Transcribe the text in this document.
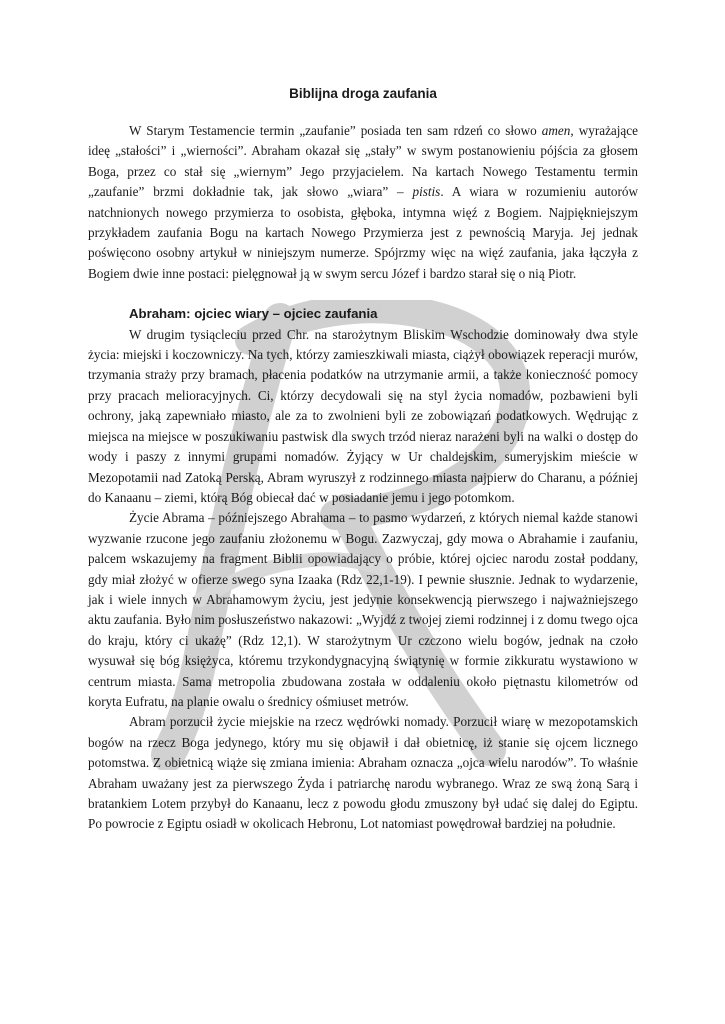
Biblijna droga zaufania

W Starym Testamencie termin „zaufanie” posiada ten sam rdzeń co słowo amen, wyrażające ideę „stałości” i „wierności”. Abraham okazał się „stały” w swym postanowieniu pójścia za głosem Boga, przez co stał się „wiernym” Jego przyjacielem. Na kartach Nowego Testamentu termin „zaufanie” brzmi dokładnie tak, jak słowo „wiara” – pistis. A wiara w rozumieniu autorów natchnionych nowego przymierza to osobista, głęboka, intymna więź z Bogiem. Najpiękniejszym przykładem zaufania Bogu na kartach Nowego Przymierza jest z pewnością Maryja. Jej jednak poświęcono osobny artykuł w niniejszym numerze. Spójrzmy więc na więź zaufania, jaka łączyła z Bogiem dwie inne postaci: pielęgnował ją w swym sercu Józef i bardzo starał się o nią Piotr.

Abraham: ojciec wiary – ojciec zaufania

W drugim tysiącleciu przed Chr. na starożytnym Bliskim Wschodzie dominowały dwa style życia: miejski i koczowniczy. Na tych, którzy zamieszkiwali miasta, ciążył obowiązek reperacji murów, trzymania straży przy bramach, płacenia podatków na utrzymanie armii, a także konieczność pomocy przy pracach melioracyjnych. Ci, którzy decydowali się na styl życia nomadów, pozbawieni byli ochrony, jaką zapewniało miasto, ale za to zwolnieni byli ze zobowiązań podatkowych. Wędrując z miejsca na miejsce w poszukiwaniu pastwisk dla swych trzód nieraz narażeni byli na walki o dostęp do wody i paszy z innymi grupami nomadów. Żyjący w Ur chaldejskim, sumeryjskim mieście w Mezopotamii nad Zatoką Perską, Abram wyruszył z rodzinnego miasta najpierw do Charanu, a później do Kanaanu – ziemi, którą Bóg obiecał dać w posiadanie jemu i jego potomkom.

Życie Abrama – późniejszego Abrahama – to pasmo wydarzeń, z których niemal każde stanowi wyzwanie rzucone jego zaufaniu złożonemu w Bogu. Zazwyczaj, gdy mowa o Abrahamie i zaufaniu, palcem wskazujemy na fragment Biblii opowiadający o próbie, której ojciec narodu został poddany, gdy miał złożyć w ofierze swego syna Izaaka (Rdz 22,1-19). I pewnie słusznie. Jednak to wydarzenie, jak i wiele innych w Abrahamowym życiu, jest jedynie konsekwencją pierwszego i najważniejszego aktu zaufania. Było nim posłuszeństwo nakazowi: „Wyjdź z twojej ziemi rodzinnej i z domu twego ojca do kraju, który ci ukażę” (Rdz 12,1). W starożytnym Ur czczono wielu bogów, jednak na czoło wysuwał się bóg księżyca, któremu trzykondygnacyjną świątynię w formie zikkuratu wystawiono w centrum miasta. Sama metropolia zbudowana została w oddaleniu około piętnastu kilometrów od koryta Eufratu, na planie owalu o średnicy ośmiuset metrów.

Abram porzucił życie miejskie na rzecz wędrówki nomady. Porzucił wiarę w mezopotamskich bogów na rzecz Boga jedynego, który mu się objawił i dał obietnicę, iż stanie się ojcem licznego potomstwa. Z obietnicą wiąże się zmiana imienia: Abraham oznacza „ojca wielu narodów”. To właśnie Abraham uważany jest za pierwszego Żyda i patriarchę narodu wybranego. Wraz ze swą żoną Sarą i bratankiem Lotem przybył do Kanaanu, lecz z powodu głodu zmuszony był udać się dalej do Egiptu. Po powrocie z Egiptu osiadł w okolicach Hebronu, Lot natomiast powędrował bardziej na południe.
